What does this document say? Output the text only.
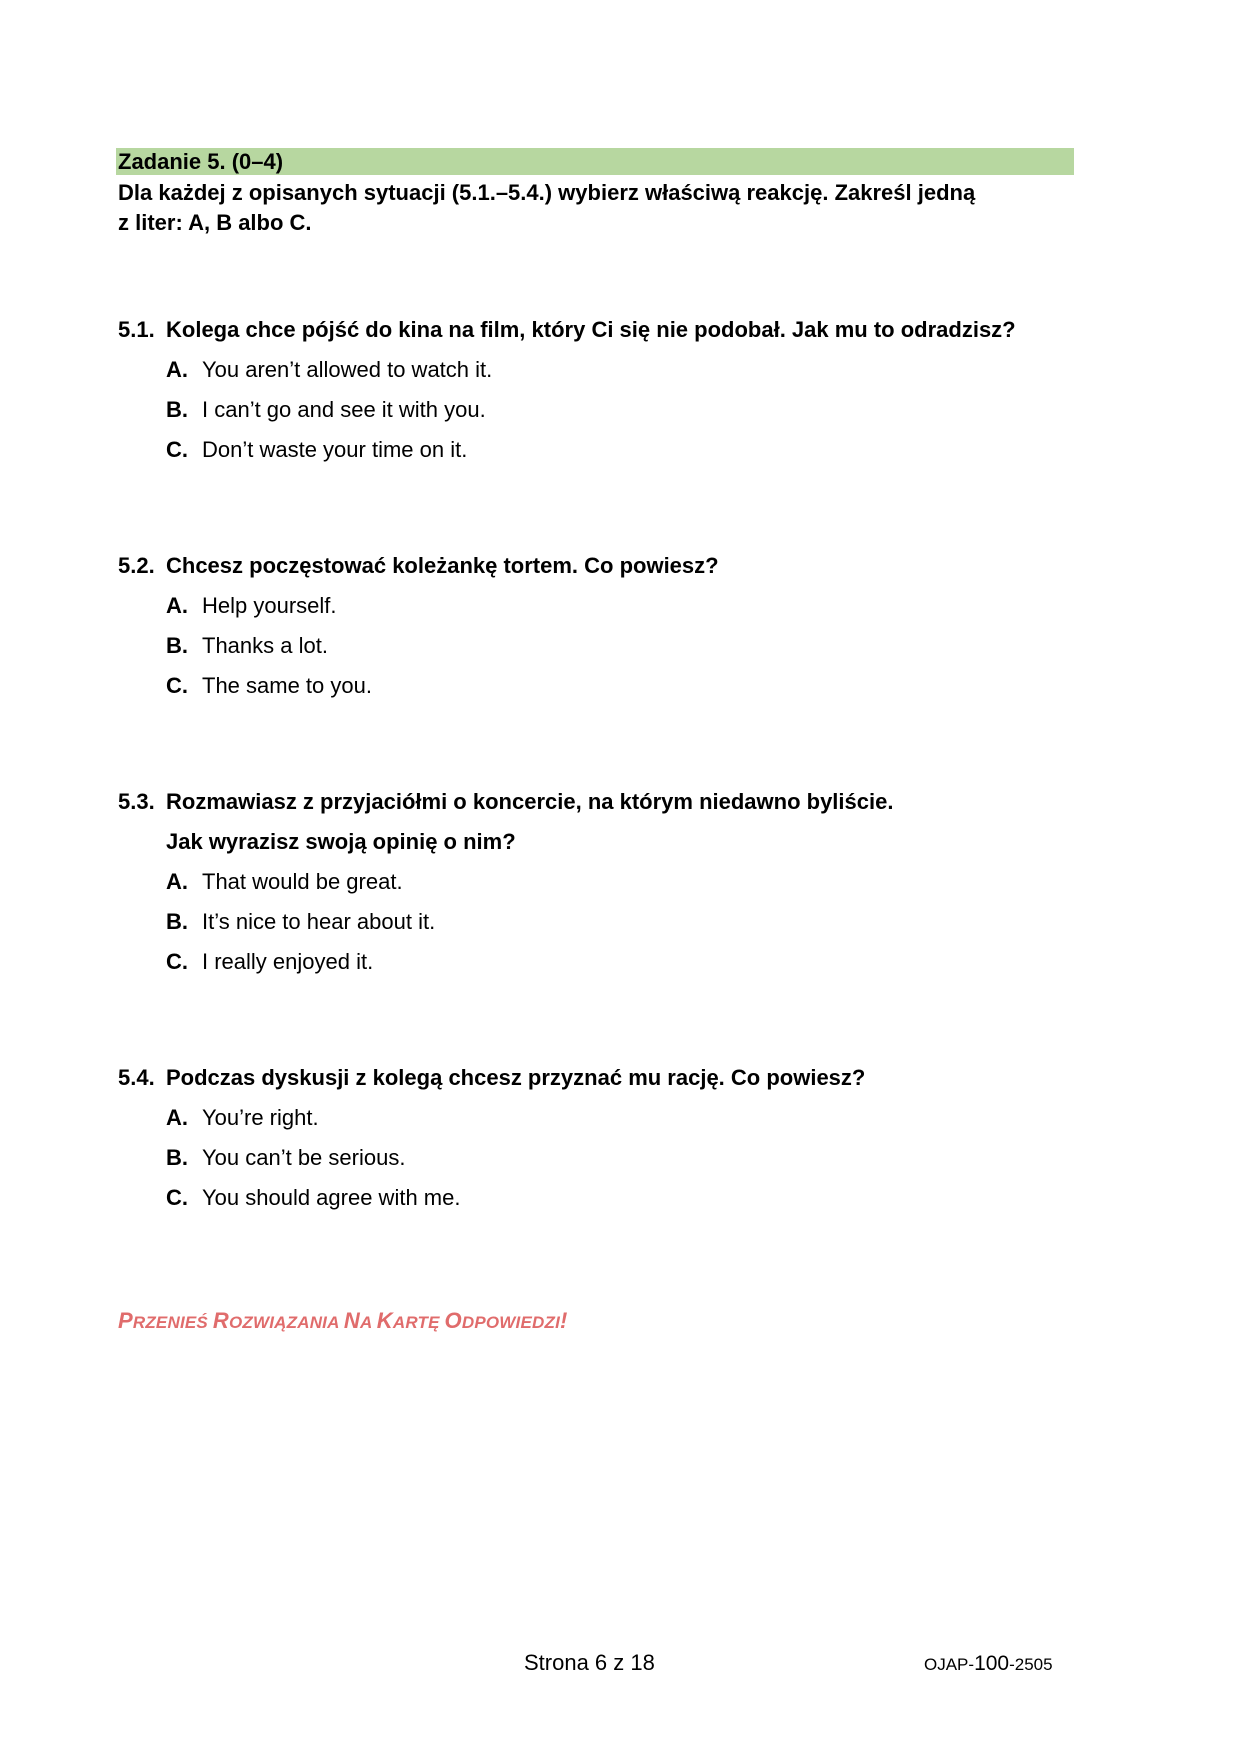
Zadanie 5. (0–4)
Dla każdej z opisanych sytuacji (5.1.–5.4.) wybierz właściwą reakcję. Zakreśl jedną
z liter: A, B albo C.
5.1. Kolega chce pójść do kina na film, który Ci się nie podobał. Jak mu to odradzisz?
A. You aren’t allowed to watch it.
B. I can’t go and see it with you.
C. Don’t waste your time on it.
5.2. Chcesz poczęstować koleżankę tortem. Co powiesz?
A. Help yourself.
B. Thanks a lot.
C. The same to you.
5.3. Rozmawiasz z przyjaciółmi o koncercie, na którym niedawno byliście.
Jak wyrazisz swoją opinię o nim?
A. That would be great.
B. It’s nice to hear about it.
C. I really enjoyed it.
5.4. Podczas dyskusji z kolegą chcesz przyznać mu rację. Co powiesz?
A. You’re right.
B. You can’t be serious.
C. You should agree with me.
PRZENIEŚ ROZWIĄZANIA NA KARTĘ ODPOWIEDZI!
Strona 6 z 18	OJAP-100-2505
